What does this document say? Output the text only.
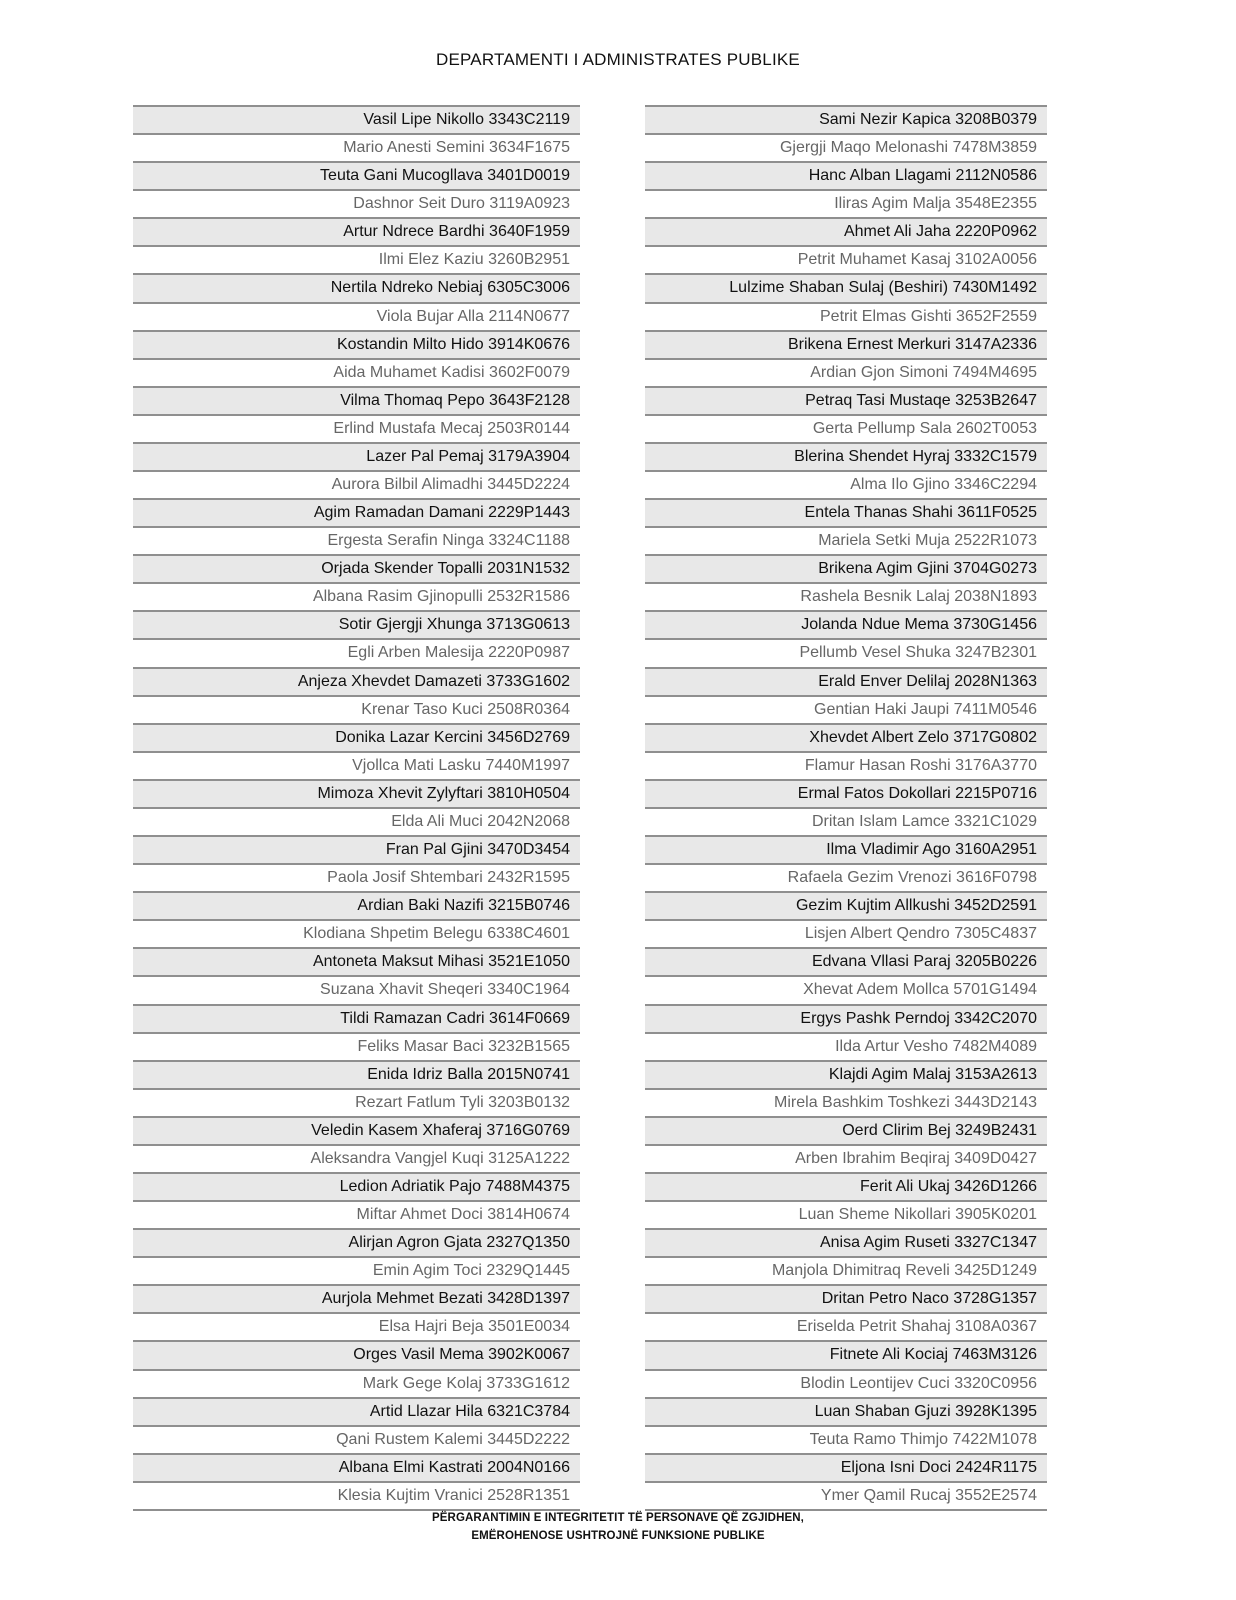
DEPARTAMENTI I ADMINISTRATES PUBLIKE
Vasil Lipe Nikollo 3343C2119
Mario Anesti Semini 3634F1675
Teuta Gani Mucogllava 3401D0019
Dashnor Seit Duro 3119A0923
Artur Ndrece Bardhi 3640F1959
Ilmi Elez Kaziu 3260B2951
Nertila Ndreko Nebiaj 6305C3006
Viola Bujar Alla 2114N0677
Kostandin Milto Hido 3914K0676
Aida Muhamet Kadisi 3602F0079
Vilma Thomaq Pepo 3643F2128
Erlind Mustafa Mecaj 2503R0144
Lazer Pal Pemaj 3179A3904
Aurora Bilbil Alimadhi 3445D2224
Agim Ramadan Damani 2229P1443
Ergesta Serafin Ninga 3324C1188
Orjada Skender Topalli 2031N1532
Albana Rasim Gjinopulli 2532R1586
Sotir Gjergji Xhunga 3713G0613
Egli Arben Malesija 2220P0987
Anjeza Xhevdet Damazeti 3733G1602
Krenar Taso Kuci 2508R0364
Donika Lazar Kercini 3456D2769
Vjollca Mati Lasku 7440M1997
Mimoza Xhevit Zylyftari 3810H0504
Elda Ali Muci 2042N2068
Fran Pal Gjini 3470D3454
Paola Josif Shtembari 2432R1595
Ardian Baki Nazifi 3215B0746
Klodiana Shpetim Belegu 6338C4601
Antoneta Maksut Mihasi 3521E1050
Suzana Xhavit Sheqeri 3340C1964
Tildi Ramazan Cadri 3614F0669
Feliks Masar Baci 3232B1565
Enida Idriz Balla 2015N0741
Rezart Fatlum Tyli 3203B0132
Veledin Kasem Xhaferaj 3716G0769
Aleksandra Vangjel Kuqi 3125A1222
Ledion Adriatik Pajo 7488M4375
Miftar Ahmet Doci 3814H0674
Alirjan Agron Gjata 2327Q1350
Emin Agim Toci 2329Q1445
Aurjola Mehmet Bezati 3428D1397
Elsa Hajri Beja 3501E0034
Orges Vasil Mema 3902K0067
Mark Gege Kolaj 3733G1612
Artid Llazar Hila 6321C3784
Qani Rustem Kalemi 3445D2222
Albana Elmi Kastrati 2004N0166
Klesia Kujtim Vranici 2528R1351
Sami Nezir Kapica 3208B0379
Gjergji Maqo Melonashi 7478M3859
Hanc Alban Llagami 2112N0586
Iliras Agim Malja 3548E2355
Ahmet Ali Jaha 2220P0962
Petrit Muhamet Kasaj 3102A0056
Lulzime Shaban Sulaj (Beshiri) 7430M1492
Petrit Elmas Gishti 3652F2559
Brikena Ernest Merkuri 3147A2336
Ardian Gjon Simoni 7494M4695
Petraq Tasi Mustaqe 3253B2647
Gerta Pellump Sala 2602T0053
Blerina Shendet Hyraj 3332C1579
Alma Ilo Gjino 3346C2294
Entela Thanas Shahi 3611F0525
Mariela Setki Muja 2522R1073
Brikena Agim Gjini 3704G0273
Rashela Besnik Lalaj 2038N1893
Jolanda Ndue Mema 3730G1456
Pellumb Vesel Shuka 3247B2301
Erald Enver Delilaj 2028N1363
Gentian Haki Jaupi 7411M0546
Xhevdet Albert Zelo 3717G0802
Flamur Hasan Roshi 3176A3770
Ermal Fatos Dokollari 2215P0716
Dritan Islam Lamce 3321C1029
Ilma Vladimir Ago 3160A2951
Rafaela Gezim Vrenozi 3616F0798
Gezim Kujtim Allkushi 3452D2591
Lisjen Albert Qendro 7305C4837
Edvana Vllasi Paraj 3205B0226
Xhevat Adem Mollca 5701G1494
Ergys Pashk Perndoj 3342C2070
Ilda Artur Vesho 7482M4089
Klajdi Agim Malaj 3153A2613
Mirela Bashkim Toshkezi 3443D2143
Oerd Clirim Bej 3249B2431
Arben Ibrahim Beqiraj 3409D0427
Ferit Ali Ukaj 3426D1266
Luan Sheme Nikollari 3905K0201
Anisa Agim Ruseti 3327C1347
Manjola Dhimitraq Reveli 3425D1249
Dritan Petro Naco 3728G1357
Eriselda Petrit Shahaj 3108A0367
Fitnete Ali Kociaj 7463M3126
Blodin Leontijev Cuci 3320C0956
Luan Shaban Gjuzi 3928K1395
Teuta Ramo Thimjo 7422M1078
Eljona Isni Doci 2424R1175
Ymer Qamil Rucaj 3552E2574
PËRGARANTIMIN E INTEGRITETIT TË PERSONAVE QË ZGJIDHEN,
EMËROHENOSE USHTROJNË FUNKSIONE PUBLIKE
